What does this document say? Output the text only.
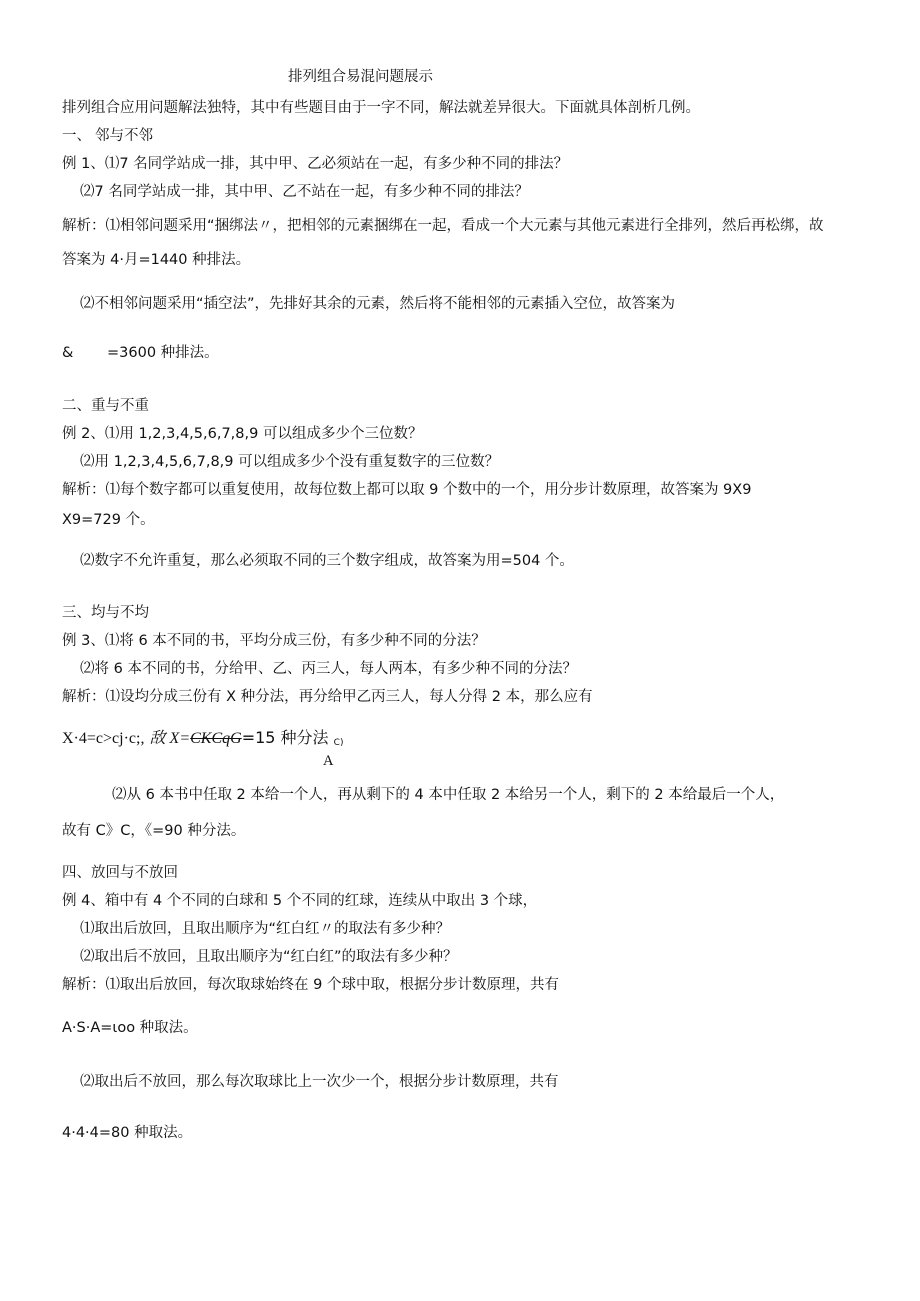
排列组合易混问题展示
排列组合应用问题解法独特，其中有些题目由于一字不同，解法就差异很大。下面就具体剖析几例。
一、 邻与不邻
例 1、⑴7 名同学站成一排，其中甲、乙必须站在一起，有多少种不同的排法？
⑵7 名同学站成一排，其中甲、乙不站在一起，有多少种不同的排法？
解析：⑴相邻问题采用“捆绑法〃，把相邻的元素捆绑在一起，看成一个大元素与其他元素进行全排列，然后再松绑，故
答案为 4·月=1440 种排法。
⑵不相邻问题采用“插空法”，先排好其余的元素，然后将不能相邻的元素插入空位，故答案为
& =3600 种排法。
二、重与不重
例 2、⑴用 1,2,3,4,5,6,7,8,9 可以组成多少个三位数？
⑵用 1,2,3,4,5,6,7,8,9 可以组成多少个没有重复数字的三位数？
解析：⑴每个数字都可以重复使用，故每位数上都可以取 9 个数中的一个，用分步计数原理，故答案为 9X9
X9=729 个。
⑵数字不允许重复，那么必须取不同的三个数字组成，故答案为用=504 个。
三、均与不均
例 3、⑴将 6 本不同的书，平均分成三份，有多少种不同的分法？
⑵将 6 本不同的书，分给甲、乙、丙三人，每人两本，有多少种不同的分法？
解析：⑴设均分成三份有 X 种分法，再分给甲乙丙三人，每人分得 2 本，那么应有
X·4=c>cj·c;, 敌 X=CKCqG=15 种分法 C)
A
⑵从 6 本书中任取 2 本给一个人，再从剩下的 4 本中任取 2 本给另一个人，剩下的 2 本给最后一个人，
故有 C》C，《=90 种分法。
四、放回与不放回
例 4、箱中有 4 个不同的白球和 5 个不同的红球，连续从中取出 3 个球，
⑴取出后放回，且取出顺序为“红白红〃的取法有多少种？
⑵取出后不放回，且取出顺序为“红白红”的取法有多少种？
解析：⑴取出后放回，每次取球始终在 9 个球中取，根据分步计数原理，共有
A·S·A=ιoo 种取法。
⑵取出后不放回，那么每次取球比上一次少一个，根据分步计数原理，共有
4·4·4=80 种取法。
